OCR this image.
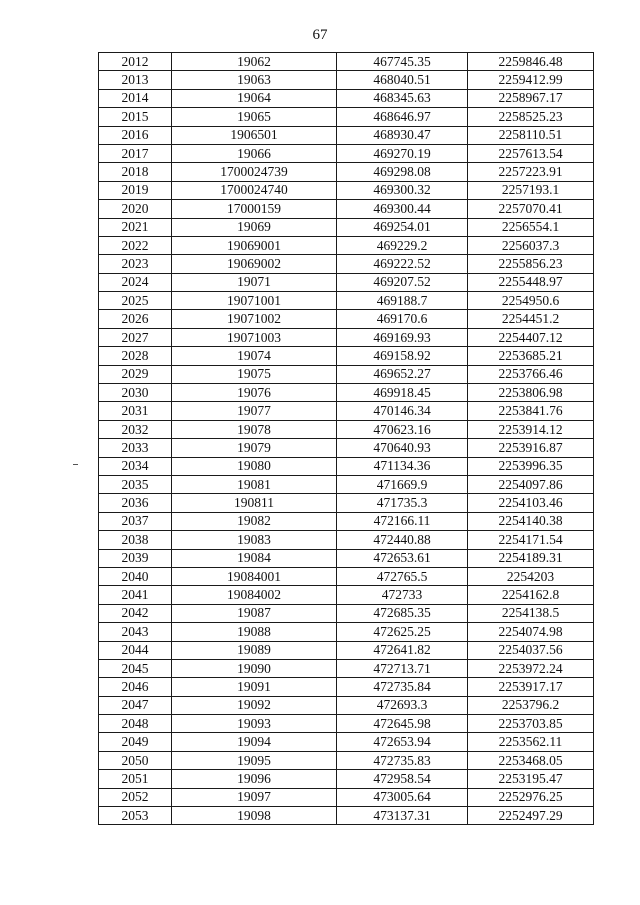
67
2012	19062	467745.35	2259846.48
2013	19063	468040.51	2259412.99
2014	19064	468345.63	2258967.17
2015	19065	468646.97	2258525.23
2016	1906501	468930.47	2258110.51
2017	19066	469270.19	2257613.54
2018	1700024739	469298.08	2257223.91
2019	1700024740	469300.32	2257193.1
2020	17000159	469300.44	2257070.41
2021	19069	469254.01	2256554.1
2022	19069001	469229.2	2256037.3
2023	19069002	469222.52	2255856.23
2024	19071	469207.52	2255448.97
2025	19071001	469188.7	2254950.6
2026	19071002	469170.6	2254451.2
2027	19071003	469169.93	2254407.12
2028	19074	469158.92	2253685.21
2029	19075	469652.27	2253766.46
2030	19076	469918.45	2253806.98
2031	19077	470146.34	2253841.76
2032	19078	470623.16	2253914.12
2033	19079	470640.93	2253916.87
2034	19080	471134.36	2253996.35
2035	19081	471669.9	2254097.86
2036	190811	471735.3	2254103.46
2037	19082	472166.11	2254140.38
2038	19083	472440.88	2254171.54
2039	19084	472653.61	2254189.31
2040	19084001	472765.5	2254203
2041	19084002	472733	2254162.8
2042	19087	472685.35	2254138.5
2043	19088	472625.25	2254074.98
2044	19089	472641.82	2254037.56
2045	19090	472713.71	2253972.24
2046	19091	472735.84	2253917.17
2047	19092	472693.3	2253796.2
2048	19093	472645.98	2253703.85
2049	19094	472653.94	2253562.11
2050	19095	472735.83	2253468.05
2051	19096	472958.54	2253195.47
2052	19097	473005.64	2252976.25
2053	19098	473137.31	2252497.29
